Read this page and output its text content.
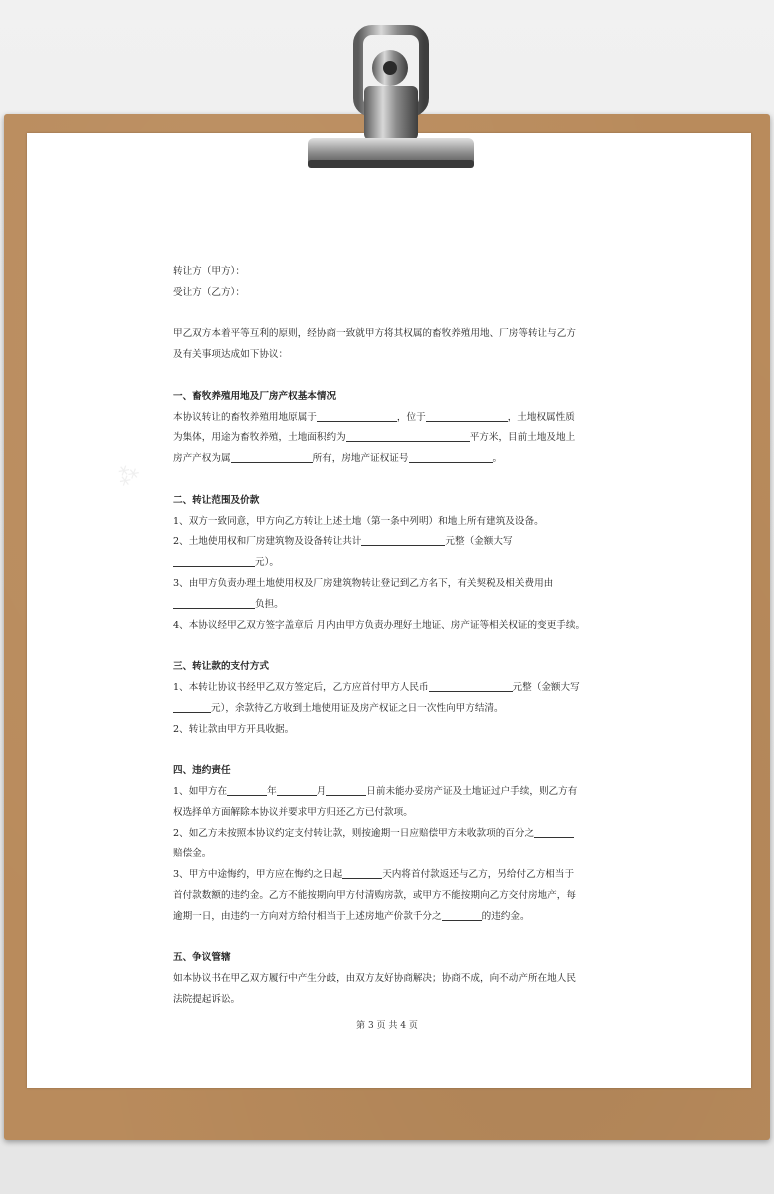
⁂

转让方（甲方）：

受让方（乙方）：

甲乙双方本着平等互利的原则，经协商一致就甲方将其权属的畜牧养殖用地、厂房等转让与乙方

及有关事项达成如下协议：

一、畜牧养殖用地及厂房产权基本情况

本协议转让的畜牧养殖用地原属于	，位于	，土地权属性质

为集体，用途为畜牧养殖，土地面积约为	平方米，目前土地及地上

房产产权为属	所有，房地产证权证号	。

二、转让范围及价款

1、双方一致同意，甲方向乙方转让上述土地（第一条中列明）和地上所有建筑及设备。

2、土地使用权和厂房建筑物及设备转让共计	元整（金额大写

元）。

3、由甲方负责办理土地使用权及厂房建筑物转让登记到乙方名下，有关契税及相关费用由

负担。

4、本协议经甲乙双方签字盖章后 月内由甲方负责办理好土地证、房产证等相关权证的变更手续。

三、转让款的支付方式

1、本转让协议书经甲乙双方签定后，乙方应首付甲方人民币	元整（金额大写

元），余款待乙方收到土地使用证及房产权证之日一次性向甲方结清。

2、转让款由甲方开具收据。

四、违约责任

1、如甲方在	年	月	日前未能办妥房产证及土地证过户手续，则乙方有

权选择单方面解除本协议并要求甲方归还乙方已付款项。

2、如乙方未按照本协议约定支付转让款，则按逾期一日应赔偿甲方未收款项的百分之

赔偿金。

3、甲方中途悔约，甲方应在悔约之日起	天内将首付款返还与乙方，另给付乙方相当于

首付款数额的违约金。乙方不能按期向甲方付清购房款，或甲方不能按期向乙方交付房地产，每

逾期一日，由违约一方向对方给付相当于上述房地产价款千分之	的违约金。

五、争议管辖

如本协议书在甲乙双方履行中产生分歧，由双方友好协商解决；协商不成，向不动产所在地人民

法院提起诉讼。

第 3 页 共 4 页
